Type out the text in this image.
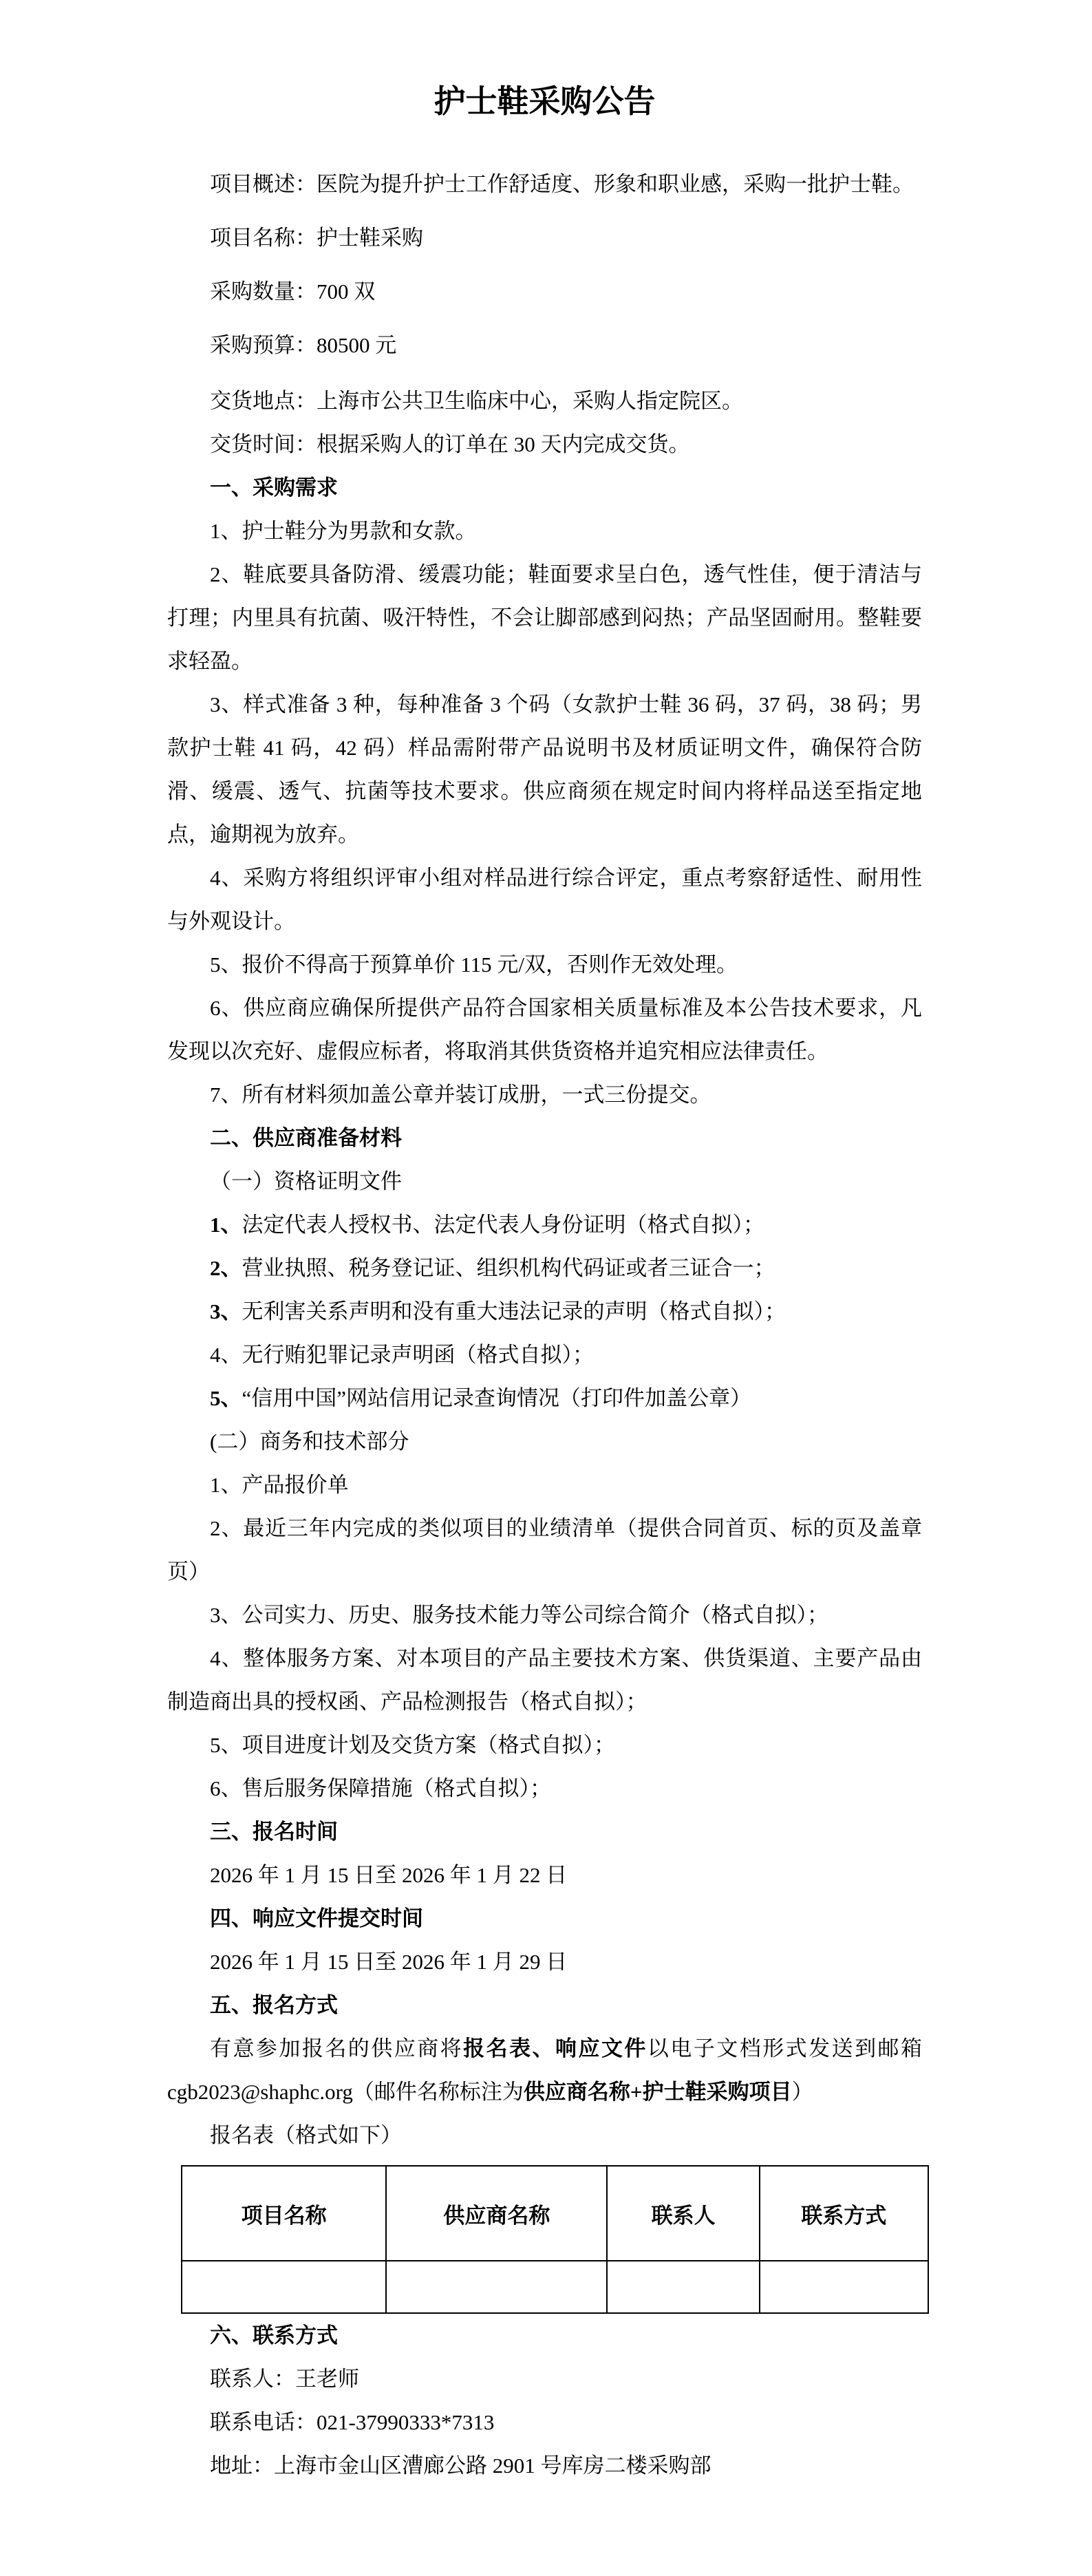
护士鞋采购公告

项目概述：医院为提升护士工作舒适度、形象和职业感，采购一批护士鞋。

项目名称：护士鞋采购

采购数量：700 双

采购预算：80500 元

交货地点：上海市公共卫生临床中心，采购人指定院区。

交货时间：根据采购人的订单在 30 天内完成交货。

一、采购需求

1、护士鞋分为男款和女款。

2、鞋底要具备防滑、缓震功能；鞋面要求呈白色，透气性佳，便于清洁与打理；内里具有抗菌、吸汗特性，不会让脚部感到闷热；产品坚固耐用。整鞋要求轻盈。

3、样式准备 3 种，每种准备 3 个码（女款护士鞋 36 码，37 码，38 码；男款护士鞋 41 码，42 码）样品需附带产品说明书及材质证明文件，确保符合防滑、缓震、透气、抗菌等技术要求。供应商须在规定时间内将样品送至指定地点，逾期视为放弃。

4、采购方将组织评审小组对样品进行综合评定，重点考察舒适性、耐用性与外观设计。

5、报价不得高于预算单价 115 元/双，否则作无效处理。

6、供应商应确保所提供产品符合国家相关质量标准及本公告技术要求，凡发现以次充好、虚假应标者，将取消其供货资格并追究相应法律责任。

7、所有材料须加盖公章并装订成册，一式三份提交。

二、供应商准备材料

（一）资格证明文件

1、法定代表人授权书、法定代表人身份证明（格式自拟）；

2、营业执照、税务登记证、组织机构代码证或者三证合一；

3、无利害关系声明和没有重大违法记录的声明（格式自拟）；

4、无行贿犯罪记录声明函（格式自拟）；

5、“信用中国”网站信用记录查询情况（打印件加盖公章）

(二）商务和技术部分

1、产品报价单

2、最近三年内完成的类似项目的业绩清单（提供合同首页、标的页及盖章页）

3、公司实力、历史、服务技术能力等公司综合简介（格式自拟）；

4、整体服务方案、对本项目的产品主要技术方案、供货渠道、主要产品由制造商出具的授权函、产品检测报告（格式自拟）；

5、项目进度计划及交货方案（格式自拟）；

6、售后服务保障措施（格式自拟）；

三、报名时间

2026 年 1 月 15 日至 2026 年 1 月 22 日

四、响应文件提交时间

2026 年 1 月 15 日至 2026 年 1 月 29 日

五、报名方式

有意参加报名的供应商将报名表、响应文件以电子文档形式发送到邮箱cgb2023@shaphc.org（邮件名称标注为供应商名称+护士鞋采购项目）

报名表（格式如下）

项目名称	供应商名称	联系人	联系方式

六、联系方式

联系人：王老师

联系电话：021-37990333*7313

地址：上海市金山区漕廊公路 2901 号库房二楼采购部
